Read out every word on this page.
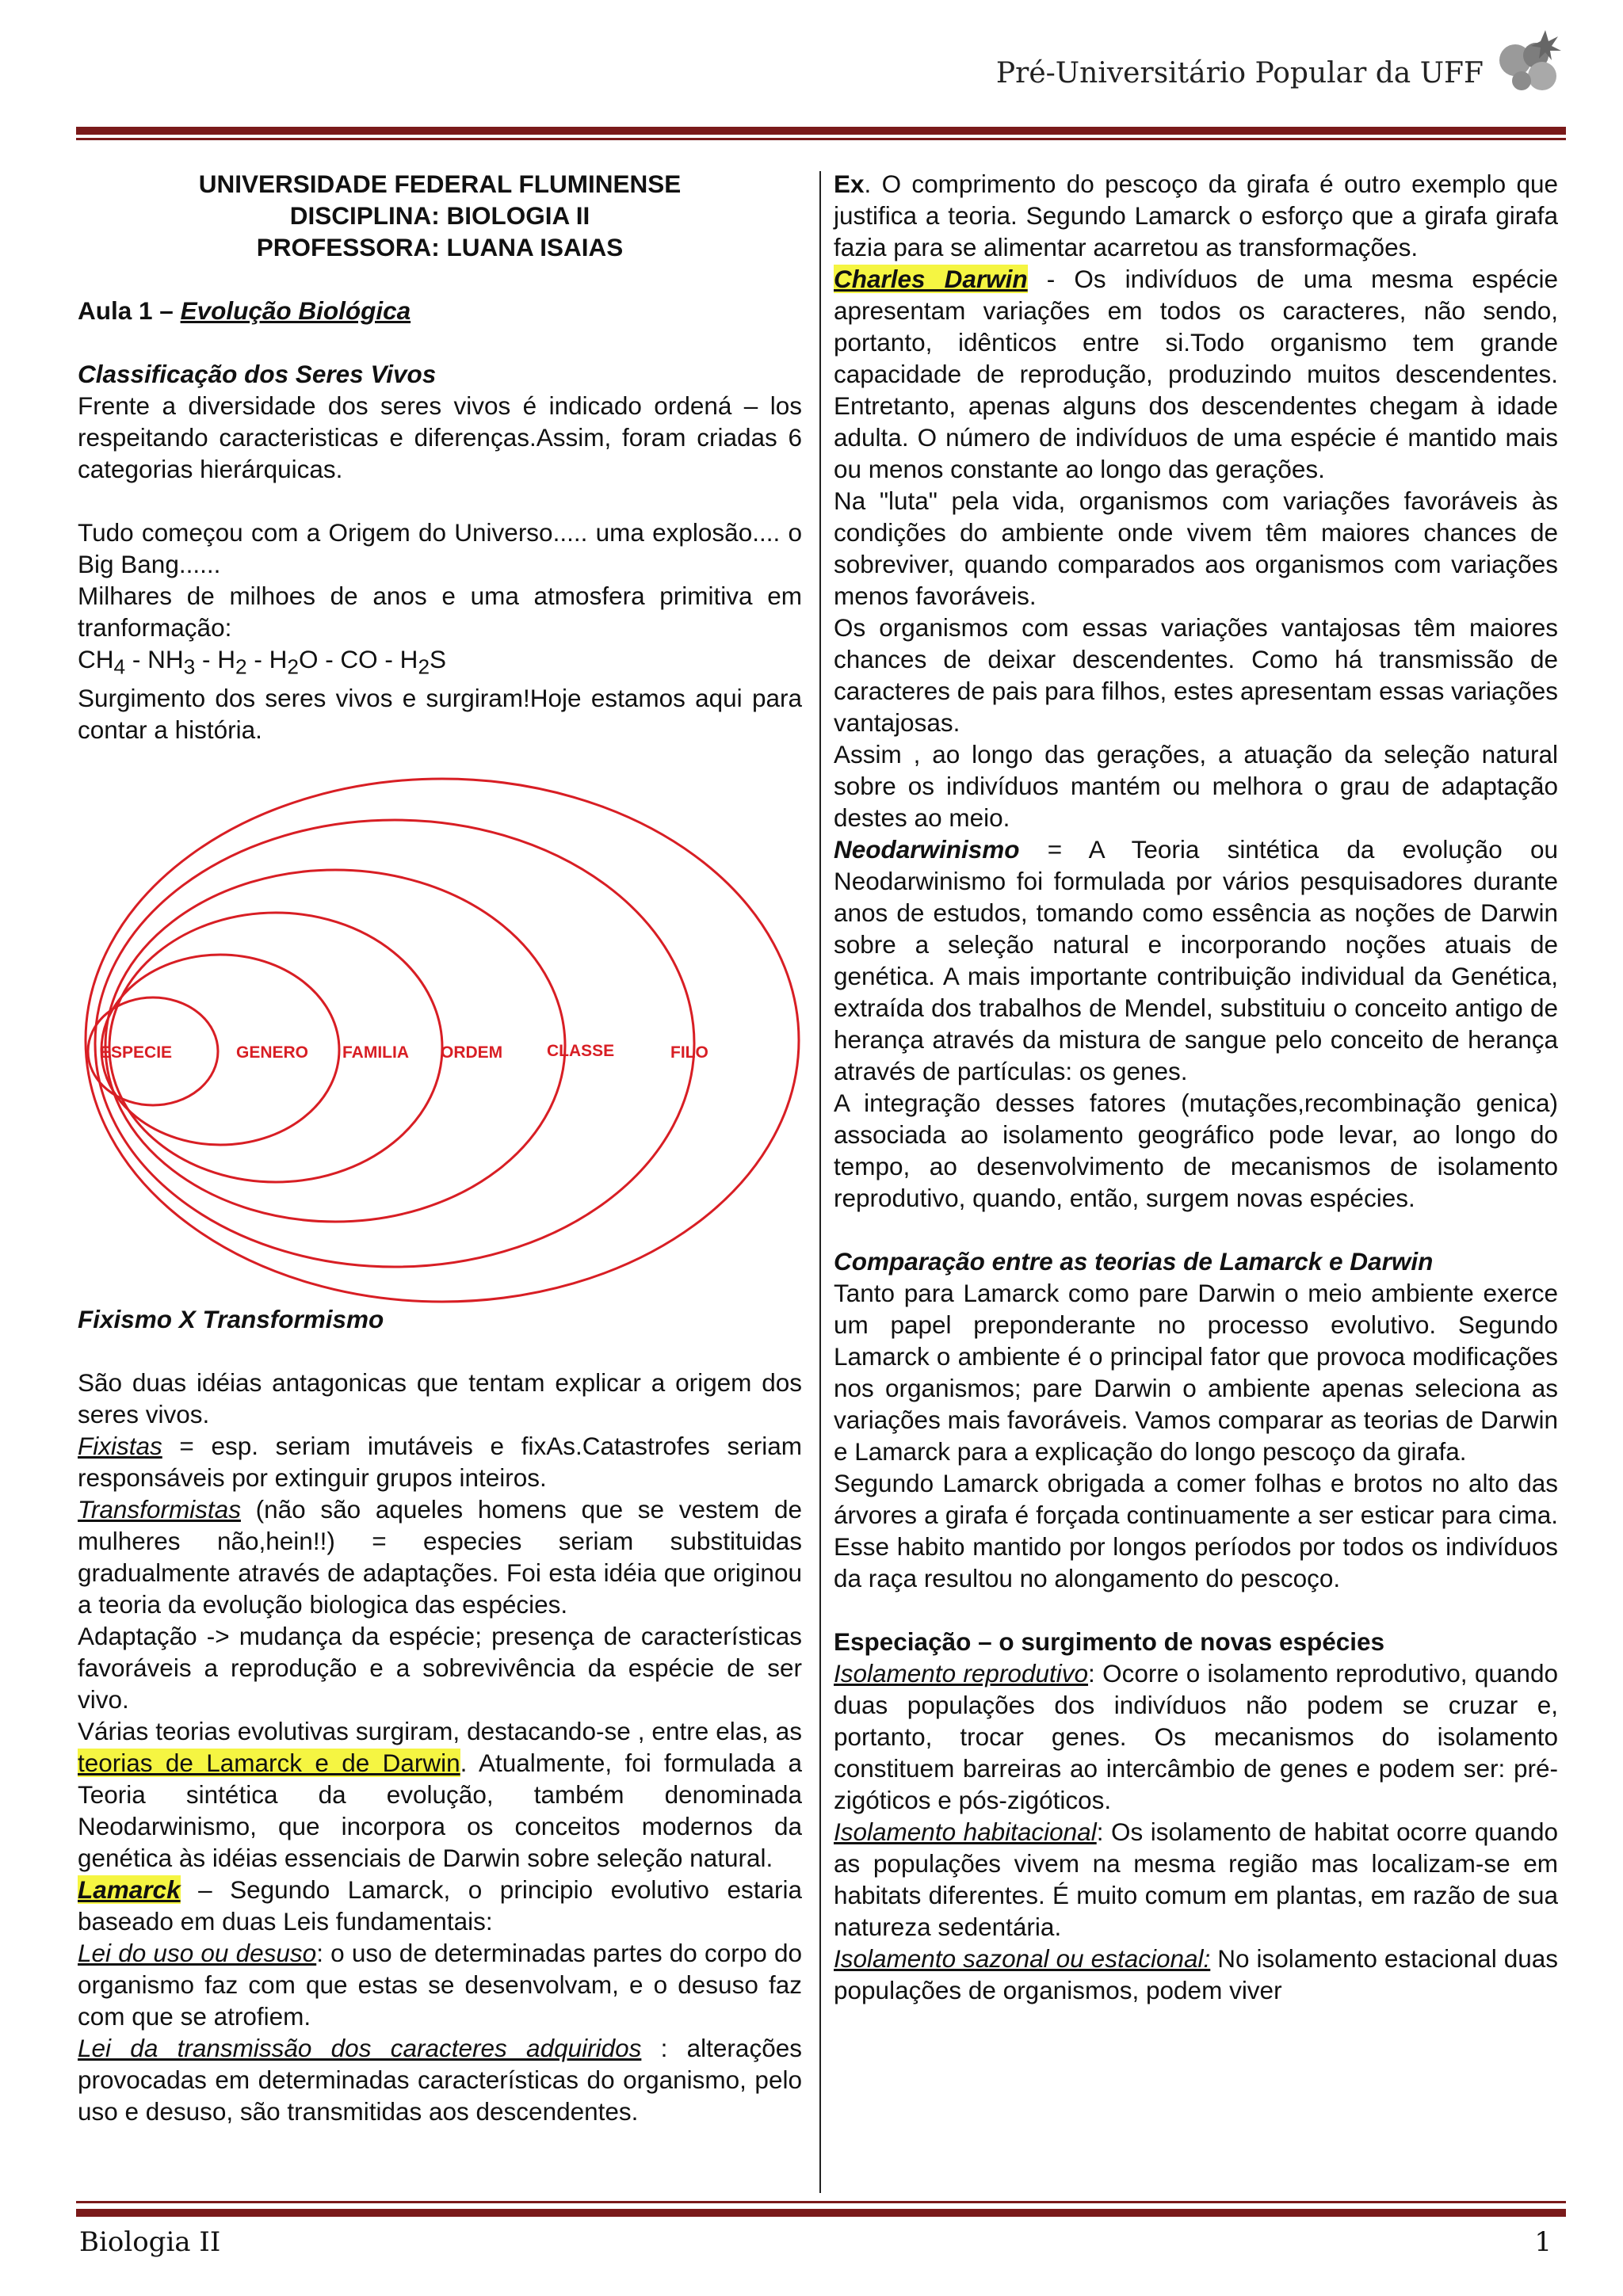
Pré-Universitário Popular da UFF

UNIVERSIDADE FEDERAL FLUMINENSE

DISCIPLINA: BIOLOGIA II

PROFESSORA: LUANA ISAIAS

Aula 1 – Evolução Biológica

Classificação dos Seres Vivos

Frente a diversidade dos seres vivos é indicado ordená – los respeitando caracteristicas e diferenças.Assim, foram criadas 6 categorias hierárquicas.

Tudo começou com a Origem do Universo..... uma explosão.... o Big Bang......

Milhares de milhoes de anos e uma atmosfera primitiva em tranformação:

$CH_4 - NH_3 - H_2 - H_2O$ - CO - $H_2S$

Surgimento dos seres vivos e surgiram!Hoje estamos aqui para contar a história.

ESPECIE	GENERO FAMILIA ORDEM	CLASSE	FILO

Fixismo X Transformismo

São duas idéias antagonicas que tentam explicar a origem dos seres vivos.

Fixistas = esp. seriam imutáveis e fixAs.Catastrofes seriam responsáveis por extinguir grupos inteiros.

Transformistas (não são aqueles homens que se vestem de mulheres não,hein!!) = especies seriam substituidas gradualmente através de adaptações. Foi esta idéia que originou a teoria da evolução biologica das espécies.

Adaptação -> mudança da espécie; presença de características favoráveis a reprodução e a sobrevivência da espécie de ser vivo.

Várias teorias evolutivas surgiram, destacando-se , entre elas, as teorias de Lamarck e de Darwin. Atualmente, foi formulada a Teoria sintética da evolução, também denominada Neodarwinismo, que incorpora os conceitos modernos da genética às idéias essenciais de Darwin sobre seleção natural.

Lamarck – Segundo Lamarck, o principio evolutivo estaria baseado em duas Leis fundamentais:

Lei do uso ou desuso: o uso de determinadas partes do corpo do organismo faz com que estas se desenvolvam, e o desuso faz com que se atrofiem.

Lei da transmissão dos caracteres adquiridos : alterações provocadas em determinadas características do organismo, pelo uso e desuso, são transmitidas aos descendentes.

Ex. O comprimento do pescoço da girafa é outro exemplo que justifica a teoria. Segundo Lamarck o esforço que a girafa girafa fazia para se alimentar acarretou as transformações.

Charles Darwin - Os indivíduos de uma mesma espécie apresentam variações em todos os caracteres, não sendo, portanto, idênticos entre si.Todo organismo tem grande capacidade de reprodução, produzindo muitos descendentes. Entretanto, apenas alguns dos descendentes chegam à idade adulta. O número de indivíduos de uma espécie é mantido mais ou menos constante ao longo das gerações.

Na "luta" pela vida, organismos com variações favoráveis às condições do ambiente onde vivem têm maiores chances de sobreviver, quando comparados aos organismos com variações menos favoráveis.

Os organismos com essas variações vantajosas têm maiores chances de deixar descendentes. Como há transmissão de caracteres de pais para filhos, estes apresentam essas variações vantajosas.

Assim , ao longo das gerações, a atuação da seleção natural sobre os indivíduos mantém ou melhora o grau de adaptação destes ao meio.

Neodarwinismo = A Teoria sintética da evolução ou Neodarwinismo foi formulada por vários pesquisadores durante anos de estudos, tomando como essência as noções de Darwin sobre a seleção natural e incorporando noções atuais de genética. A mais importante contribuição individual da Genética, extraída dos trabalhos de Mendel, substituiu o conceito antigo de herança através da mistura de sangue pelo conceito de herança através de partículas: os genes.

A integração desses fatores (mutações,recombinação genica) associada ao isolamento geográfico pode levar, ao longo do tempo, ao desenvolvimento de mecanismos de isolamento reprodutivo, quando, então, surgem novas espécies.

Comparação entre as teorias de Lamarck e Darwin

Tanto para Lamarck como pare Darwin o meio ambiente exerce um papel preponderante no processo evolutivo. Segundo Lamarck o ambiente é o principal fator que provoca modificações nos organismos; pare Darwin o ambiente apenas seleciona as variações mais favoráveis. Vamos comparar as teorias de Darwin e Lamarck para a explicação do longo pescoço da girafa.

Segundo Lamarck obrigada a comer folhas e brotos no alto das árvores a girafa é forçada continuamente a ser esticar para cima. Esse habito mantido por longos períodos por todos os indivíduos da raça resultou no alongamento do pescoço.

Especiação – o surgimento de novas espécies

Isolamento reprodutivo: Ocorre o isolamento reprodutivo, quando duas populações dos indivíduos não podem se cruzar e, portanto, trocar genes. Os mecanismos do isolamento constituem barreiras ao intercâmbio de genes e podem ser: pré-zigóticos e pós-zigóticos.

Isolamento habitacional: Os isolamento de habitat ocorre quando as populações vivem na mesma região mas localizam-se em habitats diferentes. É muito comum em plantas, em razão de sua natureza sedentária.

Isolamento sazonal ou estacional: No isolamento estacional duas populações de organismos, podem viver

Biologia II	1
